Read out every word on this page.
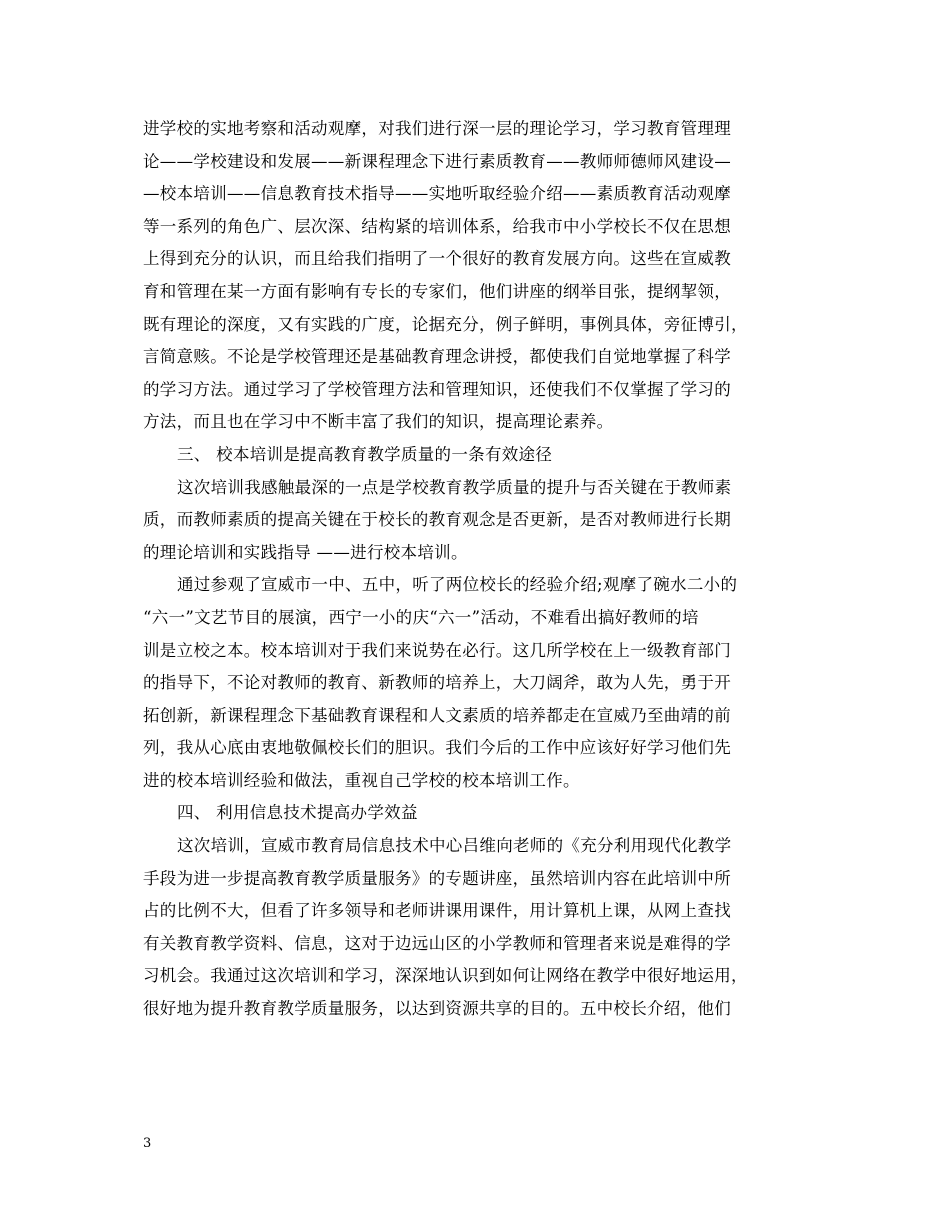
进学校的实地考察和活动观摩，对我们进行深一层的理论学习，学习教育管理理
论——学校建设和发展——新课程理念下进行素质教育——教师师德师风建设—
—校本培训——信息教育技术指导——实地听取经验介绍——素质教育活动观摩
等一系列的角色广、层次深、结构紧的培训体系，给我市中小学校长不仅在思想
上得到充分的认识，而且给我们指明了一个很好的教育发展方向。这些在宣威教
育和管理在某一方面有影响有专长的专家们，他们讲座的纲举目张，提纲挈领，
既有理论的深度，又有实践的广度，论据充分，例子鲜明，事例具体，旁征博引，
言简意赅。不论是学校管理还是基础教育理念讲授，都使我们自觉地掌握了科学
的学习方法。通过学习了学校管理方法和管理知识，还使我们不仅掌握了学习的
方法，而且也在学习中不断丰富了我们的知识，提高理论素养。
三、 校本培训是提高教育教学质量的一条有效途径
这次培训我感触最深的一点是学校教育教学质量的提升与否关键在于教师素
质，而教师素质的提高关键在于校长的教育观念是否更新，是否对教师进行长期
的理论培训和实践指导 ——进行校本培训。
通过参观了宣威市一中、五中，听了两位校长的经验介绍;观摩了碗水二小的
“六一”文艺节目的展演，西宁一小的庆“六一”活动，不难看出搞好教师的培
训是立校之本。校本培训对于我们来说势在必行。这几所学校在上一级教育部门
的指导下，不论对教师的教育、新教师的培养上，大刀阔斧，敢为人先，勇于开
拓创新，新课程理念下基础教育课程和人文素质的培养都走在宣威乃至曲靖的前
列，我从心底由衷地敬佩校长们的胆识。我们今后的工作中应该好好学习他们先
进的校本培训经验和做法，重视自己学校的校本培训工作。
四、 利用信息技术提高办学效益
这次培训，宣威市教育局信息技术中心吕维向老师的《充分利用现代化教学
手段为进一步提高教育教学质量服务》的专题讲座，虽然培训内容在此培训中所
占的比例不大，但看了许多领导和老师讲课用课件，用计算机上课，从网上查找
有关教育教学资料、信息，这对于边远山区的小学教师和管理者来说是难得的学
习机会。我通过这次培训和学习，深深地认识到如何让网络在教学中很好地运用，
很好地为提升教育教学质量服务，以达到资源共享的目的。五中校长介绍，他们
3
